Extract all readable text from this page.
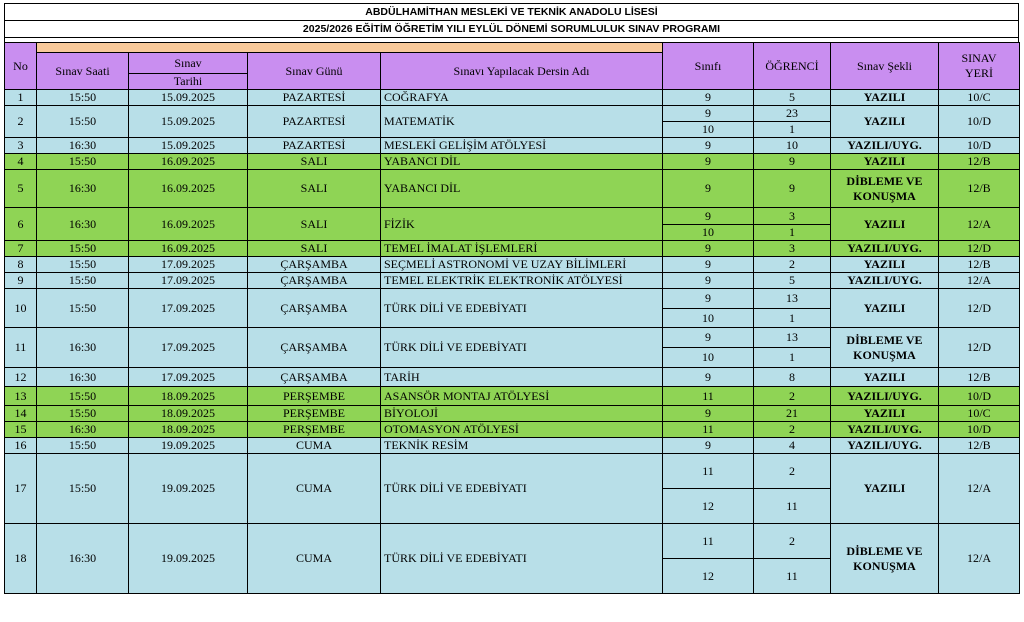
ABDÜLHAMİTHAN MESLEKİ VE TEKNİK ANADOLU LİSESİ
2025/2026 EĞİTİM ÖĞRETİM YILI EYLÜL DÖNEMİ SORUMLULUK SINAV PROGRAMI
No					Sınıfı	ÖĞRENCİ	Sınav Şekli	SINAV
YERİ

	Sınav Saati	Sınav	Sınav Günü	Sınavı Yapılacak Dersin Adı				
		Tarihi						
1	15:50	15.09.2025	PAZARTESİ	COĞRAFYA	9	5	YAZILI	10/C
2	15:50	15.09.2025	PAZARTESİ	MATEMATİK	9	23	YAZILI	10/D
					10	1		
3	16:30	15.09.2025	PAZARTESİ	MESLEKİ GELİŞİM ATÖLYESİ	9	10	YAZILI/UYG.	10/D
4	15:50	16.09.2025	SALI	YABANCI DİL	9	9	YAZILI	12/B
5	16:30	16.09.2025	SALI	YABANCI DİL	9	9	DİBLEME VE KONUŞMA	12/B
6	16:30	16.09.2025	SALI	FİZİK	9	3	YAZILI	12/A
					10	1		
7	15:50	16.09.2025	SALI	TEMEL İMALAT İŞLEMLERİ	9	3	YAZILI/UYG.	12/D
8	15:50	17.09.2025	ÇARŞAMBA	SEÇMELİ ASTRONOMİ VE UZAY BİLİMLERİ	9	2	YAZILI	12/B
9	15:50	17.09.2025	ÇARŞAMBA	TEMEL ELEKTRİK ELEKTRONİK ATÖLYESİ	9	5	YAZILI/UYG.	12/A
10	15:50	17.09.2025	ÇARŞAMBA	TÜRK DİLİ VE EDEBİYATI	9	13	YAZILI	12/D
					10	1		
11	16:30	17.09.2025	ÇARŞAMBA	TÜRK DİLİ VE EDEBİYATI	9	13	DİBLEME VE KONUŞMA	12/D
					10	1		
12	16:30	17.09.2025	ÇARŞAMBA	TARİH	9	8	YAZILI	12/B
13	15:50	18.09.2025	PERŞEMBE	ASANSÖR MONTAJ ATÖLYESİ	11	2	YAZILI/UYG.	10/D
14	15:50	18.09.2025	PERŞEMBE	BİYOLOJİ	9	21	YAZILI	10/C
15	16:30	18.09.2025	PERŞEMBE	OTOMASYON ATÖLYESİ	11	2	YAZILI/UYG.	10/D
16	15:50	19.09.2025	CUMA	TEKNİK RESİM	9	4	YAZILI/UYG.	12/B
17	15:50	19.09.2025	CUMA	TÜRK DİLİ VE EDEBİYATI	11	2	YAZILI	12/A
					12	11		
18	16:30	19.09.2025	CUMA	TÜRK DİLİ VE EDEBİYATI	11	2	DİBLEME VE KONUŞMA	12/A
					12	11		
